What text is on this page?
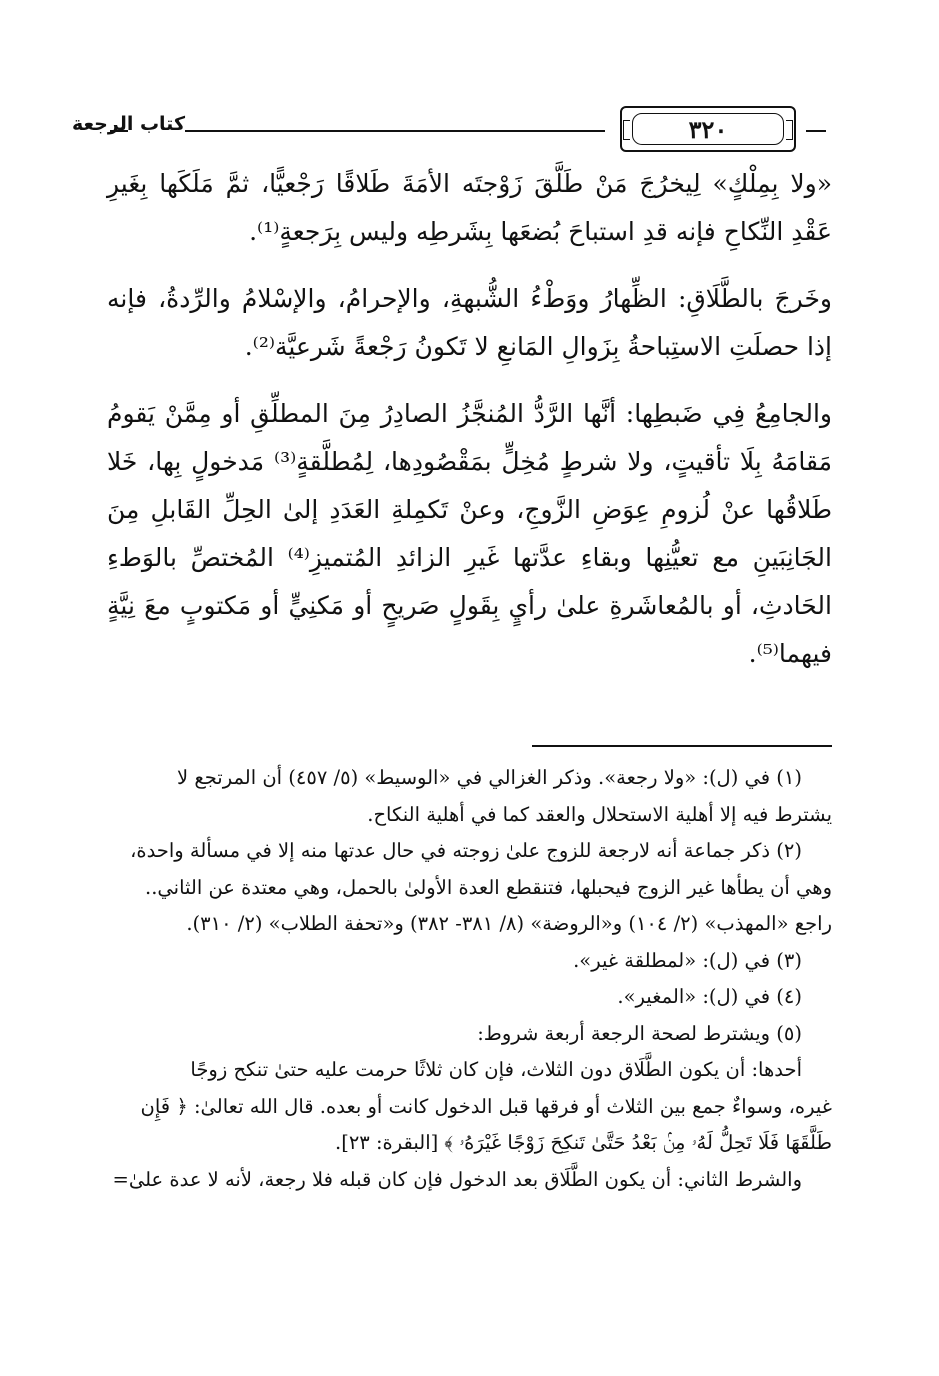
كتاب الرجعة	٣٢٠

«ولا بِمِلْكٍ» لِيخرُجَ مَنْ طَلَّقَ زَوْجتَه الأمَةَ طَلاقًا رَجْعيًّا، ثمَّ مَلَكَها بِغَيرِ عَقْدِ النِّكاحِ فإنه قدِ استباحَ بُضعَها بِشَرطِه وليس بِرَجعةٍ⁽¹⁾.

وخَرجَ بالطَّلَاقِ: الظِّهارُ ووَطْءُ الشُّبهةِ، والإحرامُ، والإسْلامُ والرِّدةُ، فإنه إذا حصلَتِ الاستِباحةُ بِزَوالِ المَانعِ لا تَكونُ رَجْعةً شَرعيَّة⁽²⁾.

والجامِعُ فِي ضَبطِها: أنَّها الرَّدُّ المُنجَّزُ الصادِرُ مِنَ المطلِّقِ أو مِمَّنْ يَقومُ مَقامَهُ بِلَا تأقيتٍ، ولا شرطٍ مُخِلٍّ بمَقْصُودِها، لِمُطلَّقةٍ⁽³⁾ مَدخولٍ بِها، خَلا طَلاقُها عنْ لُزومِ عِوَضِ الزَّوجِ، وعنْ تَكمِلةِ العَدَدِ إلىٰ الحِلِّ القَابلِ مِنَ الجَانِبَينِ مع تعيُّنِها وبقاءِ عدَّتها غَيرِ الزائدِ المُتميزِ⁽⁴⁾ المُختصِّ بالوَطءِ الحَادثِ، أو بالمُعاشَرةِ علىٰ رأيٍ بِقَولٍ صَريحٍ أو مَكنِيٍّ أو مَكتوبٍ معَ نِيَّةٍ فيهما⁽⁵⁾.

(١) في (ل): «ولا رجعة». وذكر الغزالي في «الوسيط» (٥/ ٤٥٧) أن المرتجع لا

يشترط فيه إلا أهلية الاستحلال والعقد كما في أهلية النكاح.

(٢) ذكر جماعة أنه لارجعة للزوج علىٰ زوجته في حال عدتها منه إلا في مسألة واحدة،

وهي أن يطأها غير الزوج فيحبلها، فتنقطع العدة الأولىٰ بالحمل، وهي معتدة عن الثاني..

راجع «المهذب» (٢/ ١٠٤) و«الروضة» (٨/ ٣٨١- ٣٨٢) و«تحفة الطلاب» (٢/ ٣١٠).

(٣) في (ل): «لمطلقة غير».

(٤) في (ل): «المغير».

(٥) ويشترط لصحة الرجعة أربعة شروط:

أحدها: أن يكون الطَّلَاق دون الثلاث، فإن كان ثلاثًا حرمت عليه حتىٰ تنكح زوجًا

غيره، وسواءٌ جمع بين الثلاث أو فرقها قبل الدخول كانت أو بعده. قال الله تعالىٰ: ﴿ فَإِن

طَلَّقَهَا فَلَا تَحِلُّ لَهُۥ مِنۢ بَعْدُ حَتَّىٰ تَنكِحَ زَوْجًا غَيْرَهُۥ ﴾ [البقرة: ٢٣].

والشرط الثاني: أن يكون الطَّلَاق بعد الدخول فإن كان قبله فلا رجعة، لأنه لا عدة علىٰ=
